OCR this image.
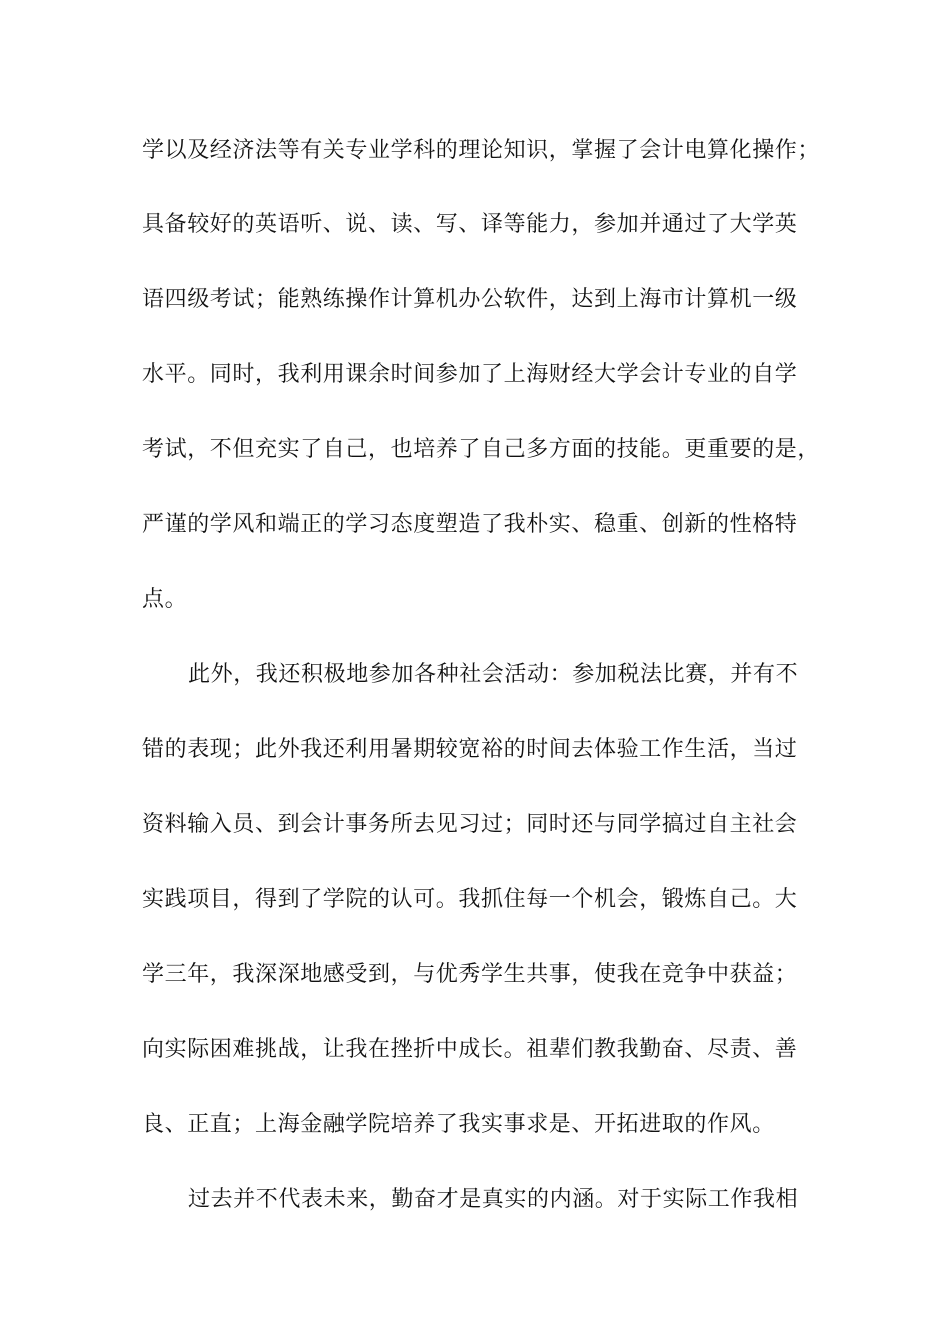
学以及经济法等有关专业学科的理论知识，掌握了会计电算化操作；
具备较好的英语听、说、读、写、译等能力，参加并通过了大学英
语四级考试；能熟练操作计算机办公软件，达到上海市计算机一级
水平。同时，我利用课余时间参加了上海财经大学会计专业的自学
考试，不但充实了自己，也培养了自己多方面的技能。更重要的是，
严谨的学风和端正的学习态度塑造了我朴实、稳重、创新的性格特
点。
此外，我还积极地参加各种社会活动：参加税法比赛，并有不
错的表现；此外我还利用暑期较宽裕的时间去体验工作生活，当过
资料输入员、到会计事务所去见习过；同时还与同学搞过自主社会
实践项目，得到了学院的认可。我抓住每一个机会，锻炼自己。大
学三年，我深深地感受到，与优秀学生共事，使我在竞争中获益；
向实际困难挑战，让我在挫折中成长。祖辈们教我勤奋、尽责、善
良、正直；上海金融学院培养了我实事求是、开拓进取的作风。
过去并不代表未来，勤奋才是真实的内涵。对于实际工作我相
